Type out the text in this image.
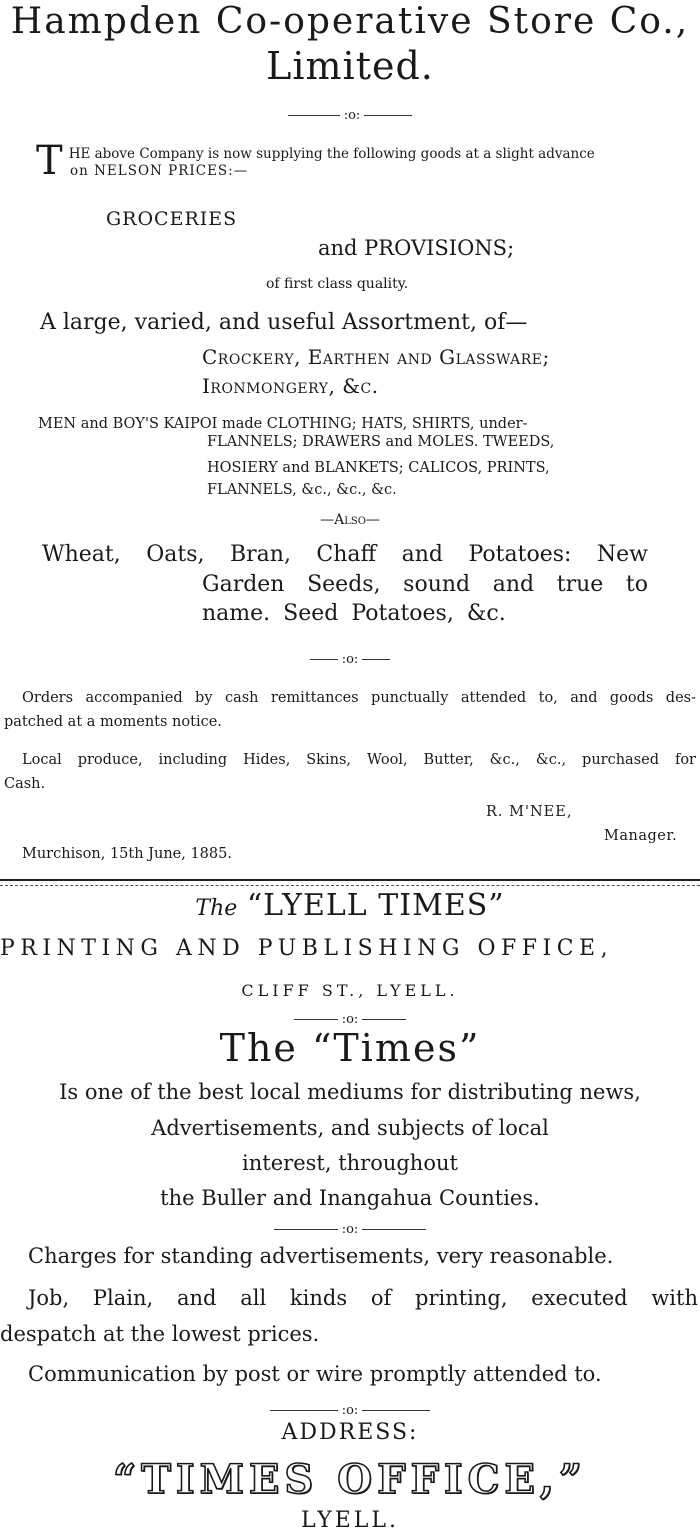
Hampden Co-operative Store Co.,
Limited.
:o:
T HE above Company is now supplying the following goods at a slight advance
on NELSON PRICES:—
GROCERIES
and PROVISIONS;
of first class quality.
A large, varied, and useful Assortment, of—
Crockery, Earthen and Glassware;
Ironmongery, &c.
MEN and BOY'S KAIPOI made CLOTHING; HATS, SHIRTS, under-
FLANNELS; DRAWERS and MOLES. TWEEDS,
HOSIERY and BLANKETS; CALICOS, PRINTS,
FLANNELS, &c., &c., &c.
—Also—
Wheat, Oats, Bran, Chaff and Potatoes: New
Garden Seeds, sound and true to
name. Seed Potatoes, &c.
:o:
Orders accompanied by cash remittances punctually attended to, and goods des-
patched at a moments notice.
Local produce, including Hides, Skins, Wool, Butter, &c., &c., purchased for
Cash.
R. M'NEE,
Manager.
Murchison, 15th June, 1885.
The “LYELL TIMES”
PRINTING AND PUBLISHING OFFICE,
CLIFF ST., LYELL.
:o:
The “Times”
Is one of the best local mediums for distributing news,
Advertisements, and subjects of local
interest, throughout
the Buller and Inangahua Counties.
:o:
Charges for standing advertisements, very reasonable.
Job, Plain, and all kinds of printing, executed with
despatch at the lowest prices.
Communication by post or wire promptly attended to.
:o:
ADDRESS:
“TIMES OFFICE,”
LYELL.
